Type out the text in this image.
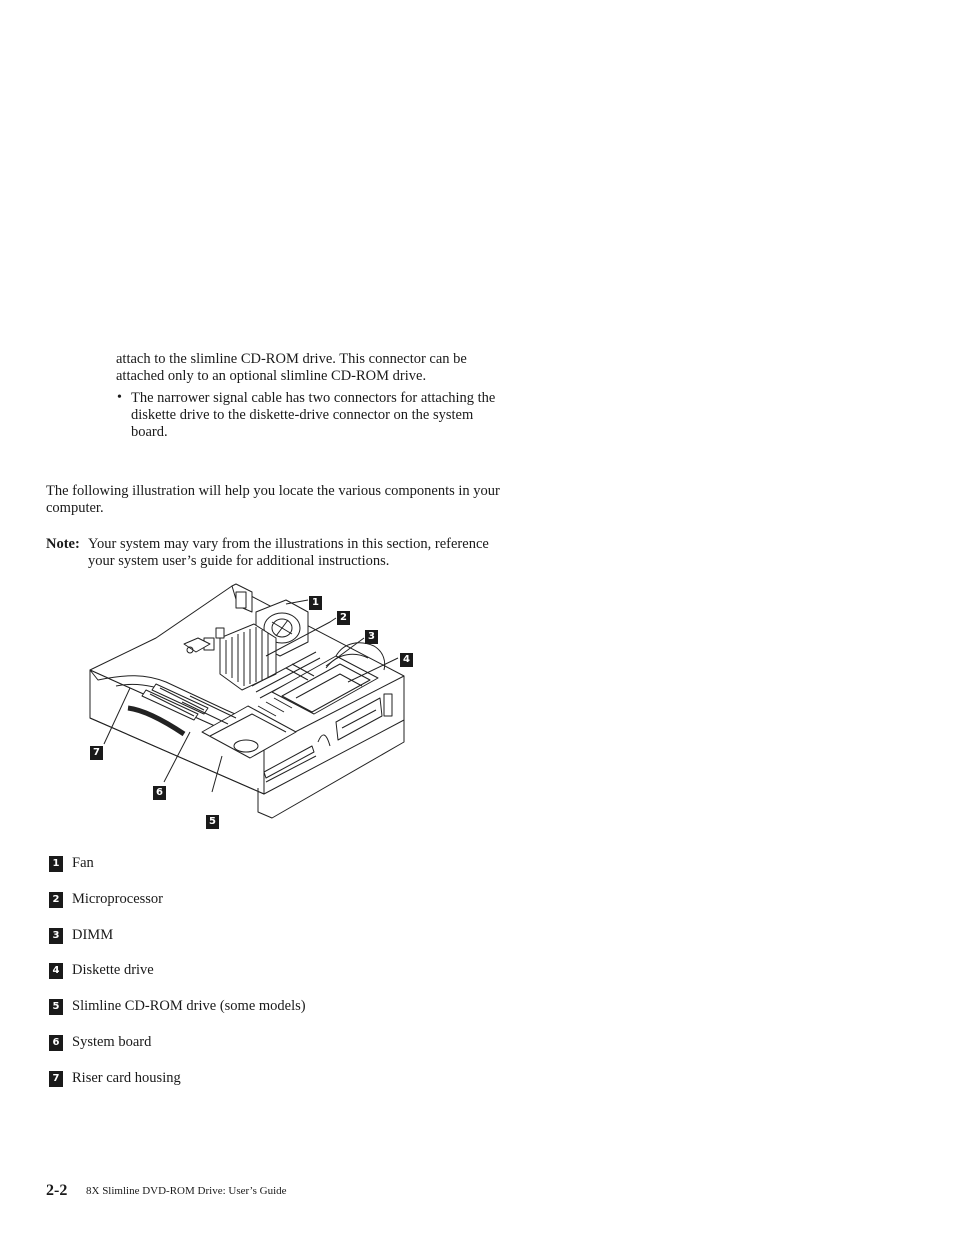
attach to the slimline CD-ROM drive. This connector can be
attached only to an optional slimline CD-ROM drive.
• The narrower signal cable has two connectors for attaching the
diskette drive to the diskette-drive connector on the system
board.
The following illustration will help you locate the various components in your
computer.
Note: Your system may vary from the illustrations in this section, reference
your system user’s guide for additional instructions.
1
2
3
4
5
6
7
1 Fan
2 Microprocessor
3 DIMM
4 Diskette drive
5 Slimline CD-ROM drive (some models)
6 System board
7 Riser card housing
2-2 8X Slimline DVD-ROM Drive: User’s Guide
